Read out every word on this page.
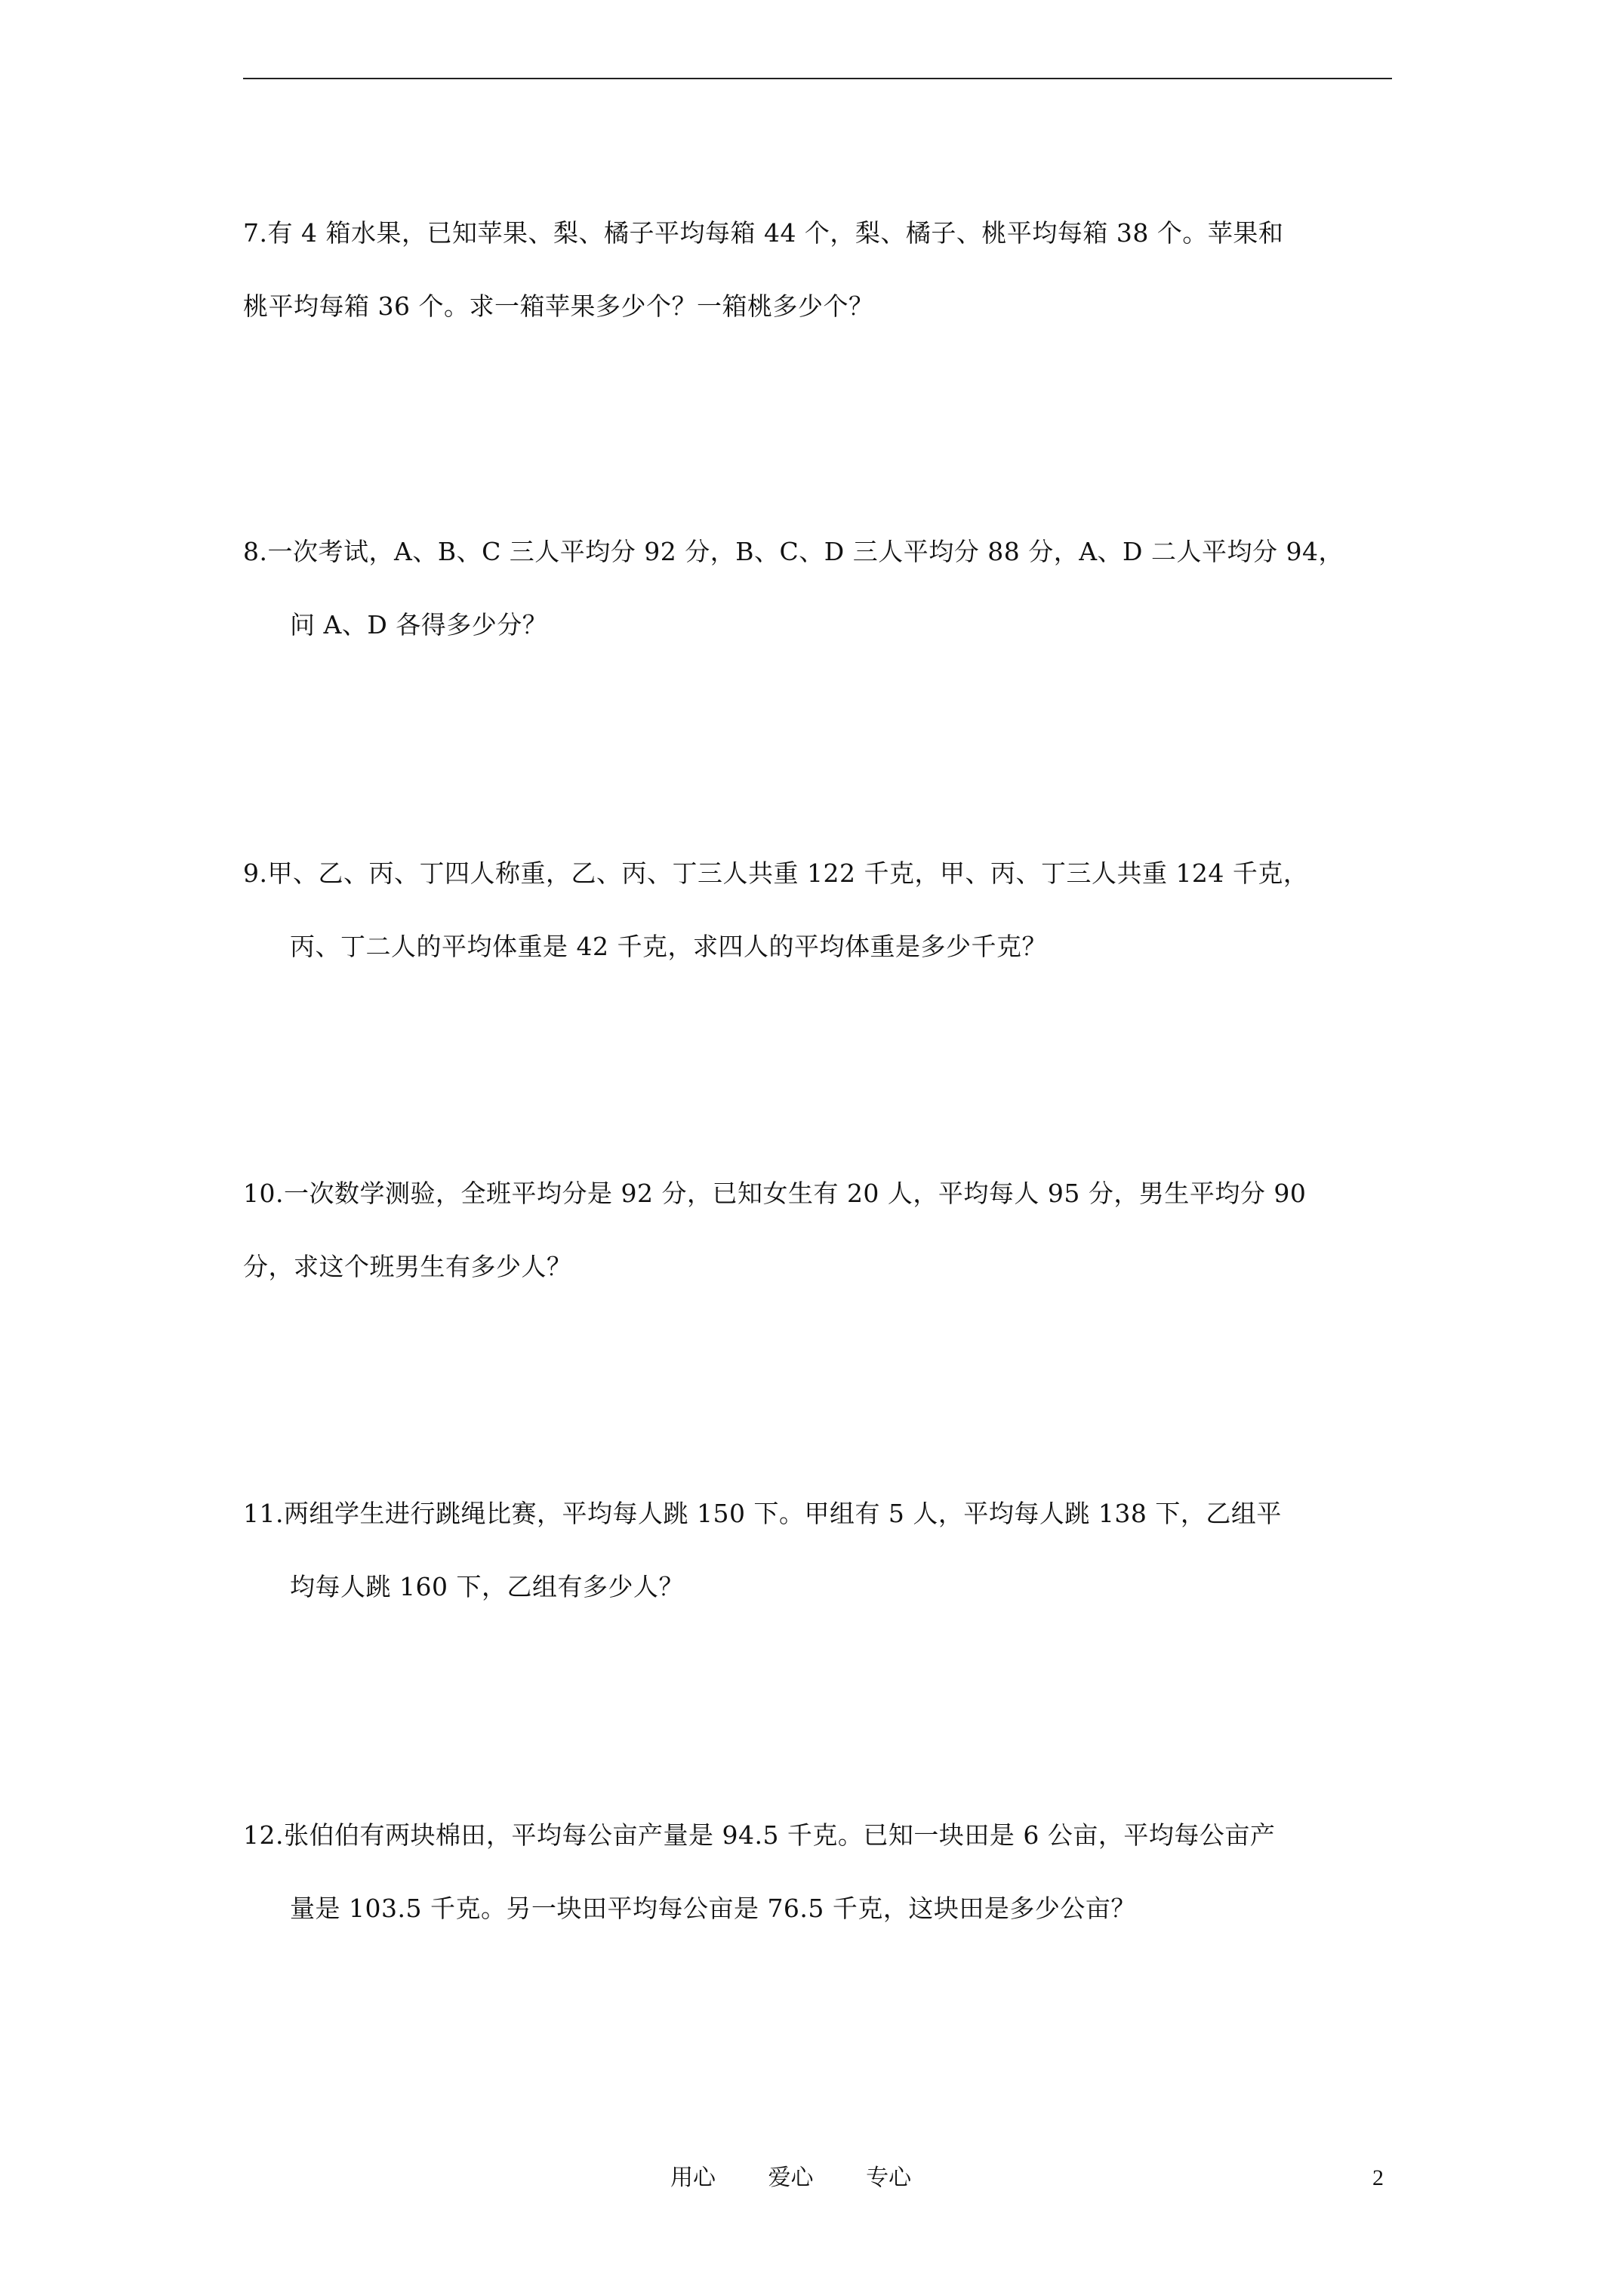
7.有 4 箱水果，已知苹果、梨、橘子平均每箱 44 个，梨、橘子、桃平均每箱 38 个。苹果和
桃平均每箱 36 个。求一箱苹果多少个？一箱桃多少个？
8.一次考试，A、B、C 三人平均分 92 分，B、C、D 三人平均分 88 分，A、D 二人平均分 94，
问 A、D 各得多少分？
9.甲、乙、丙、丁四人称重，乙、丙、丁三人共重 122 千克，甲、丙、丁三人共重 124 千克，
丙、丁二人的平均体重是 42 千克，求四人的平均体重是多少千克？
10.一次数学测验，全班平均分是 92 分，已知女生有 20 人，平均每人 95 分，男生平均分 90
分，求这个班男生有多少人？
11.两组学生进行跳绳比赛，平均每人跳 150 下。甲组有 5 人，平均每人跳 138 下，乙组平
均每人跳 160 下，乙组有多少人？
12.张伯伯有两块棉田，平均每公亩产量是 94.5 千克。已知一块田是 6 公亩，平均每公亩产
量是 103.5 千克。另一块田平均每公亩是 76.5 千克，这块田是多少公亩？
用心 爱心 专心	2
